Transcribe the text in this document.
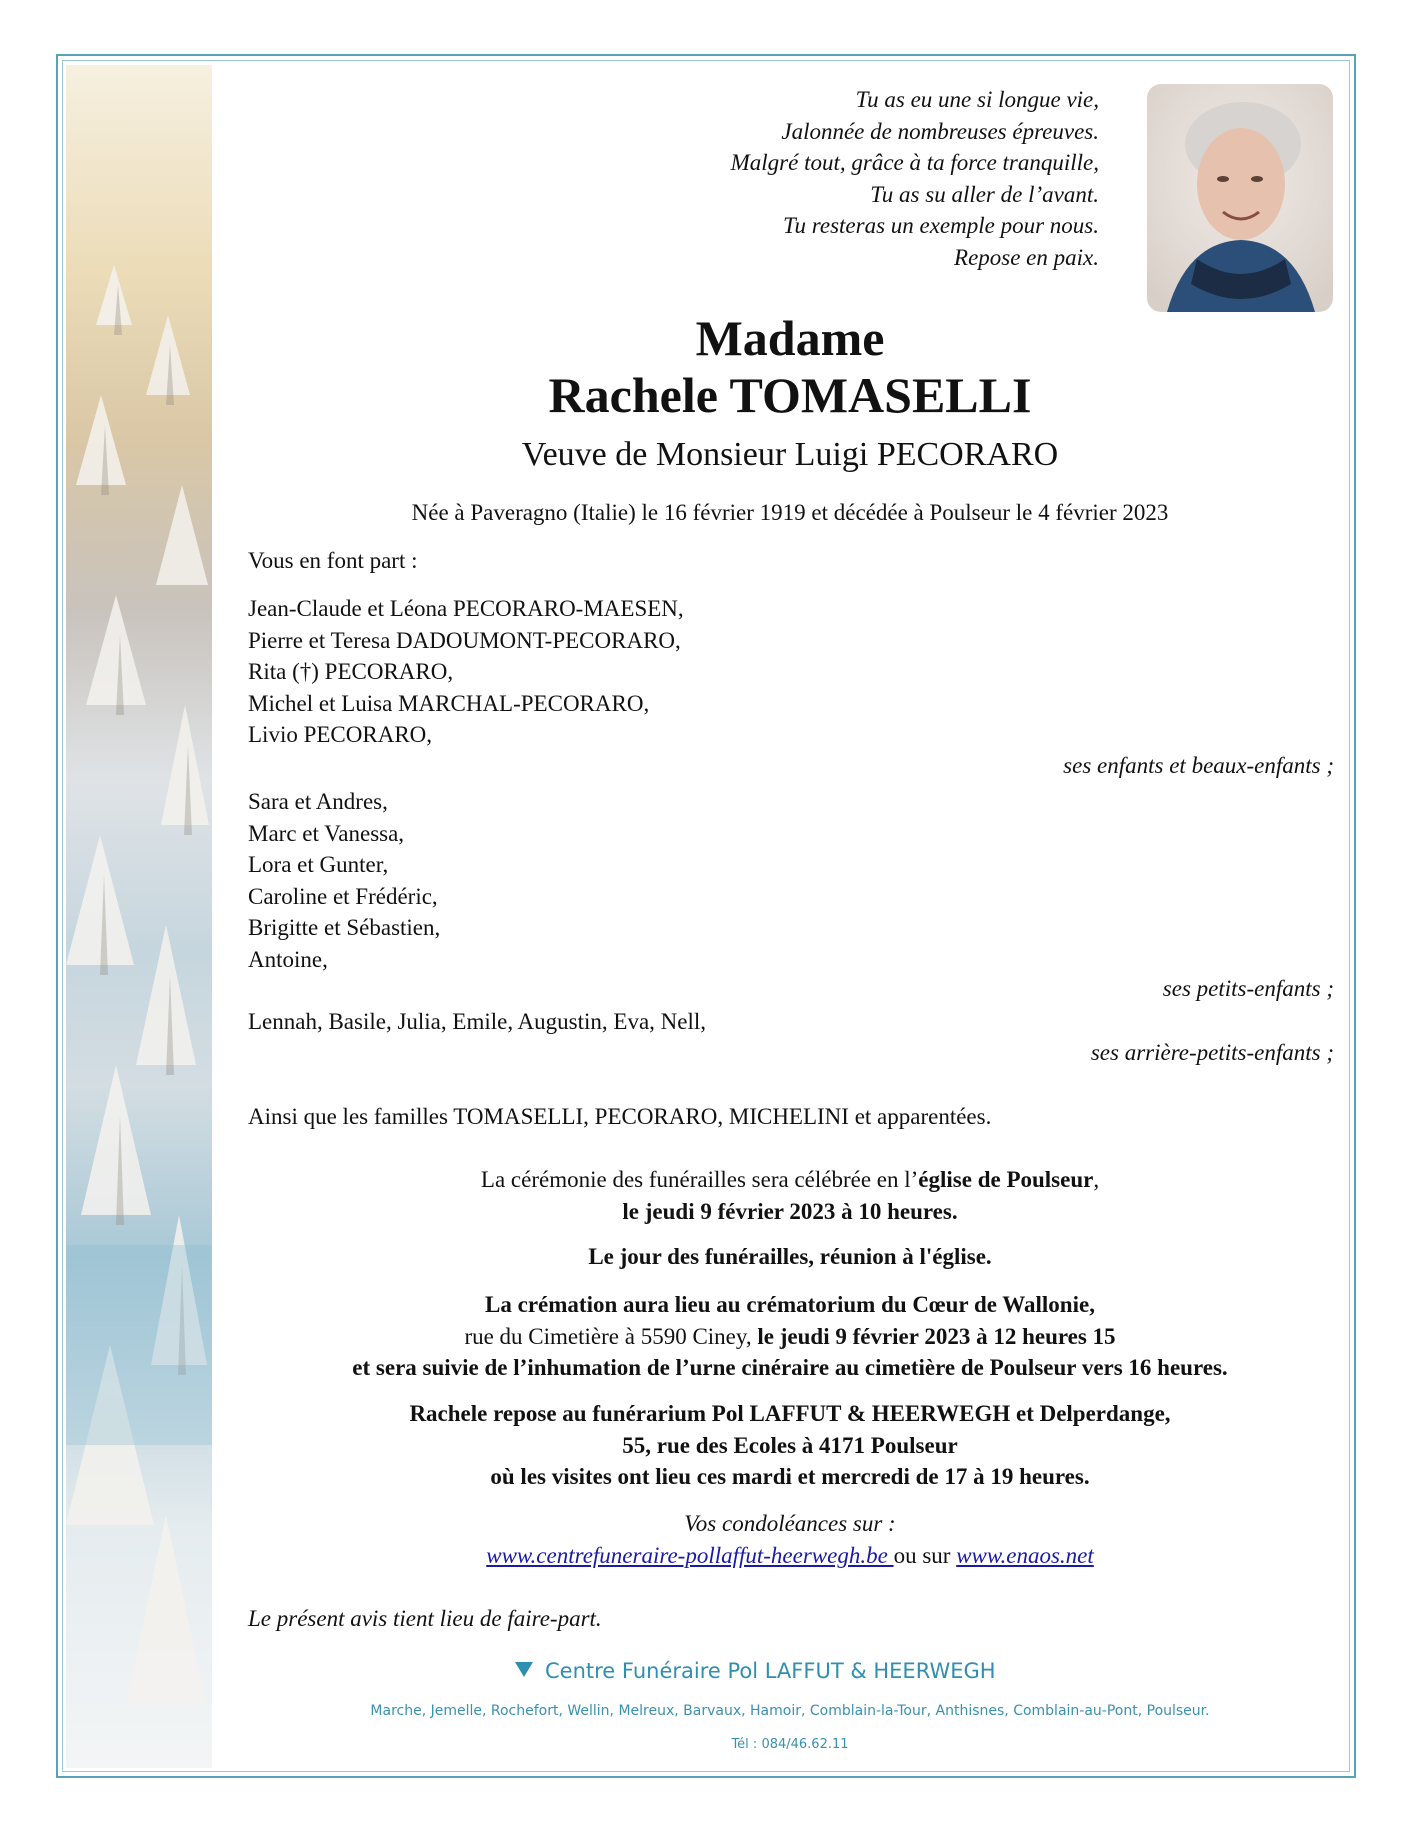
Tu as eu une si longue vie,
Jalonnée de nombreuses épreuves.
Malgré tout, grâce à ta force tranquille,
Tu as su aller de l’avant.
Tu resteras un exemple pour nous.
Repose en paix.
Madame
Rachele TOMASELLI
Veuve de Monsieur Luigi PECORARO
Née à Paveragno (Italie) le 16 février 1919 et décédée à Poulseur le 4 février 2023
Vous en font part :
Jean-Claude et Léona PECORARO-MAESEN,
Pierre et Teresa DADOUMONT-PECORARO,
Rita (†) PECORARO,
Michel et Luisa MARCHAL-PECORARO,
Livio PECORARO,
ses enfants et beaux-enfants ;
Sara et Andres,
Marc et Vanessa,
Lora et Gunter,
Caroline et Frédéric,
Brigitte et Sébastien,
Antoine,
ses petits-enfants ;
Lennah, Basile, Julia, Emile, Augustin, Eva, Nell,
ses arrière-petits-enfants ;
Ainsi que les familles TOMASELLI, PECORARO, MICHELINI et apparentées.
La cérémonie des funérailles sera célébrée en l’église de Poulseur,
le jeudi 9 février 2023 à 10 heures.
Le jour des funérailles, réunion à l'église.
La crémation aura lieu au crématorium du Cœur de Wallonie,
rue du Cimetière à 5590 Ciney, le jeudi 9 février 2023 à 12 heures 15
et sera suivie de l’inhumation de l’urne cinéraire au cimetière de Poulseur vers 16 heures.
Rachele repose au funérarium Pol LAFFUT & HEERWEGH et Delperdange,
55, rue des Ecoles à 4171 Poulseur
où les visites ont lieu ces mardi et mercredi de 17 à 19 heures.
Vos condoléances sur :
www.centrefuneraire-pollaffut-heerwegh.be ou sur www.enaos.net
Le présent avis tient lieu de faire-part.
Centre Funéraire Pol LAFFUT & HEERWEGH
Marche, Jemelle, Rochefort, Wellin, Melreux, Barvaux, Hamoir, Comblain-la-Tour, Anthisnes, Comblain-au-Pont, Poulseur.
Tél : 084/46.62.11
